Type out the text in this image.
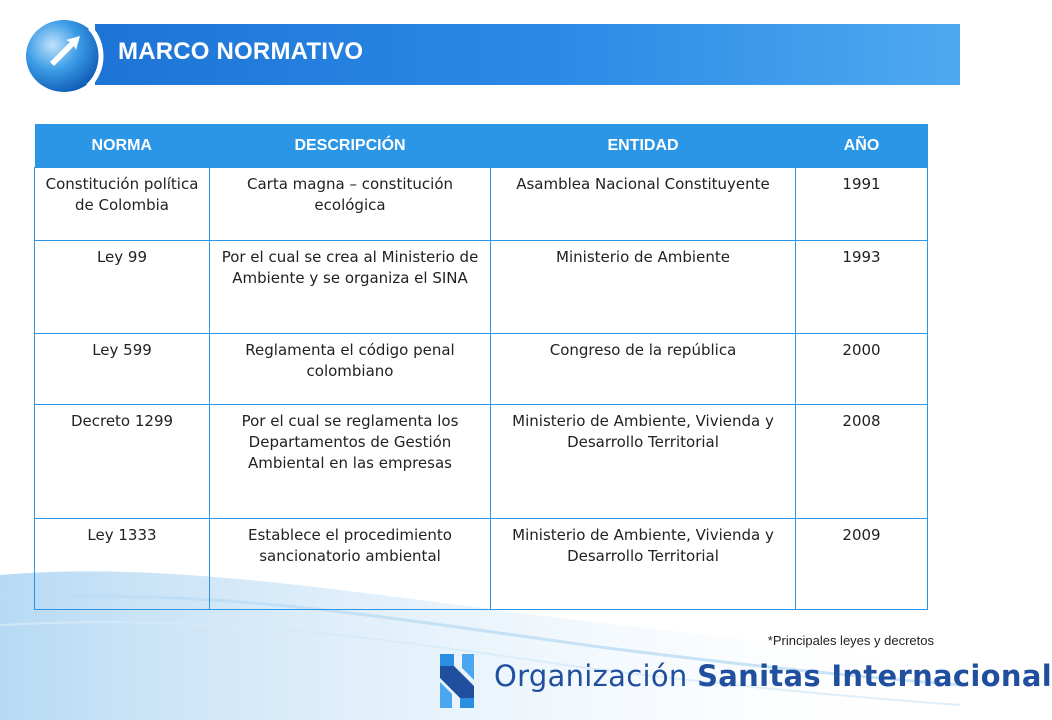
MARCO NORMATIVO
NORMA	DESCRIPCIÓN	ENTIDAD	AÑO
Constitución política de Colombia	Carta magna – constitución ecológica	Asamblea Nacional Constituyente	1991
Ley 99	Por el cual se crea al Ministerio de Ambiente y se organiza el SINA	Ministerio de Ambiente	1993
Ley 599	Reglamenta el código penal colombiano	Congreso de la república	2000
Decreto 1299	Por el cual se reglamenta los Departamentos de Gestión Ambiental en las empresas	Ministerio de Ambiente, Vivienda y Desarrollo Territorial	2008
Ley 1333	Establece el procedimiento sancionatorio ambiental	Ministerio de Ambiente, Vivienda y Desarrollo Territorial	2009
*Principales leyes y decretos
Organización Sanitas Internacional
